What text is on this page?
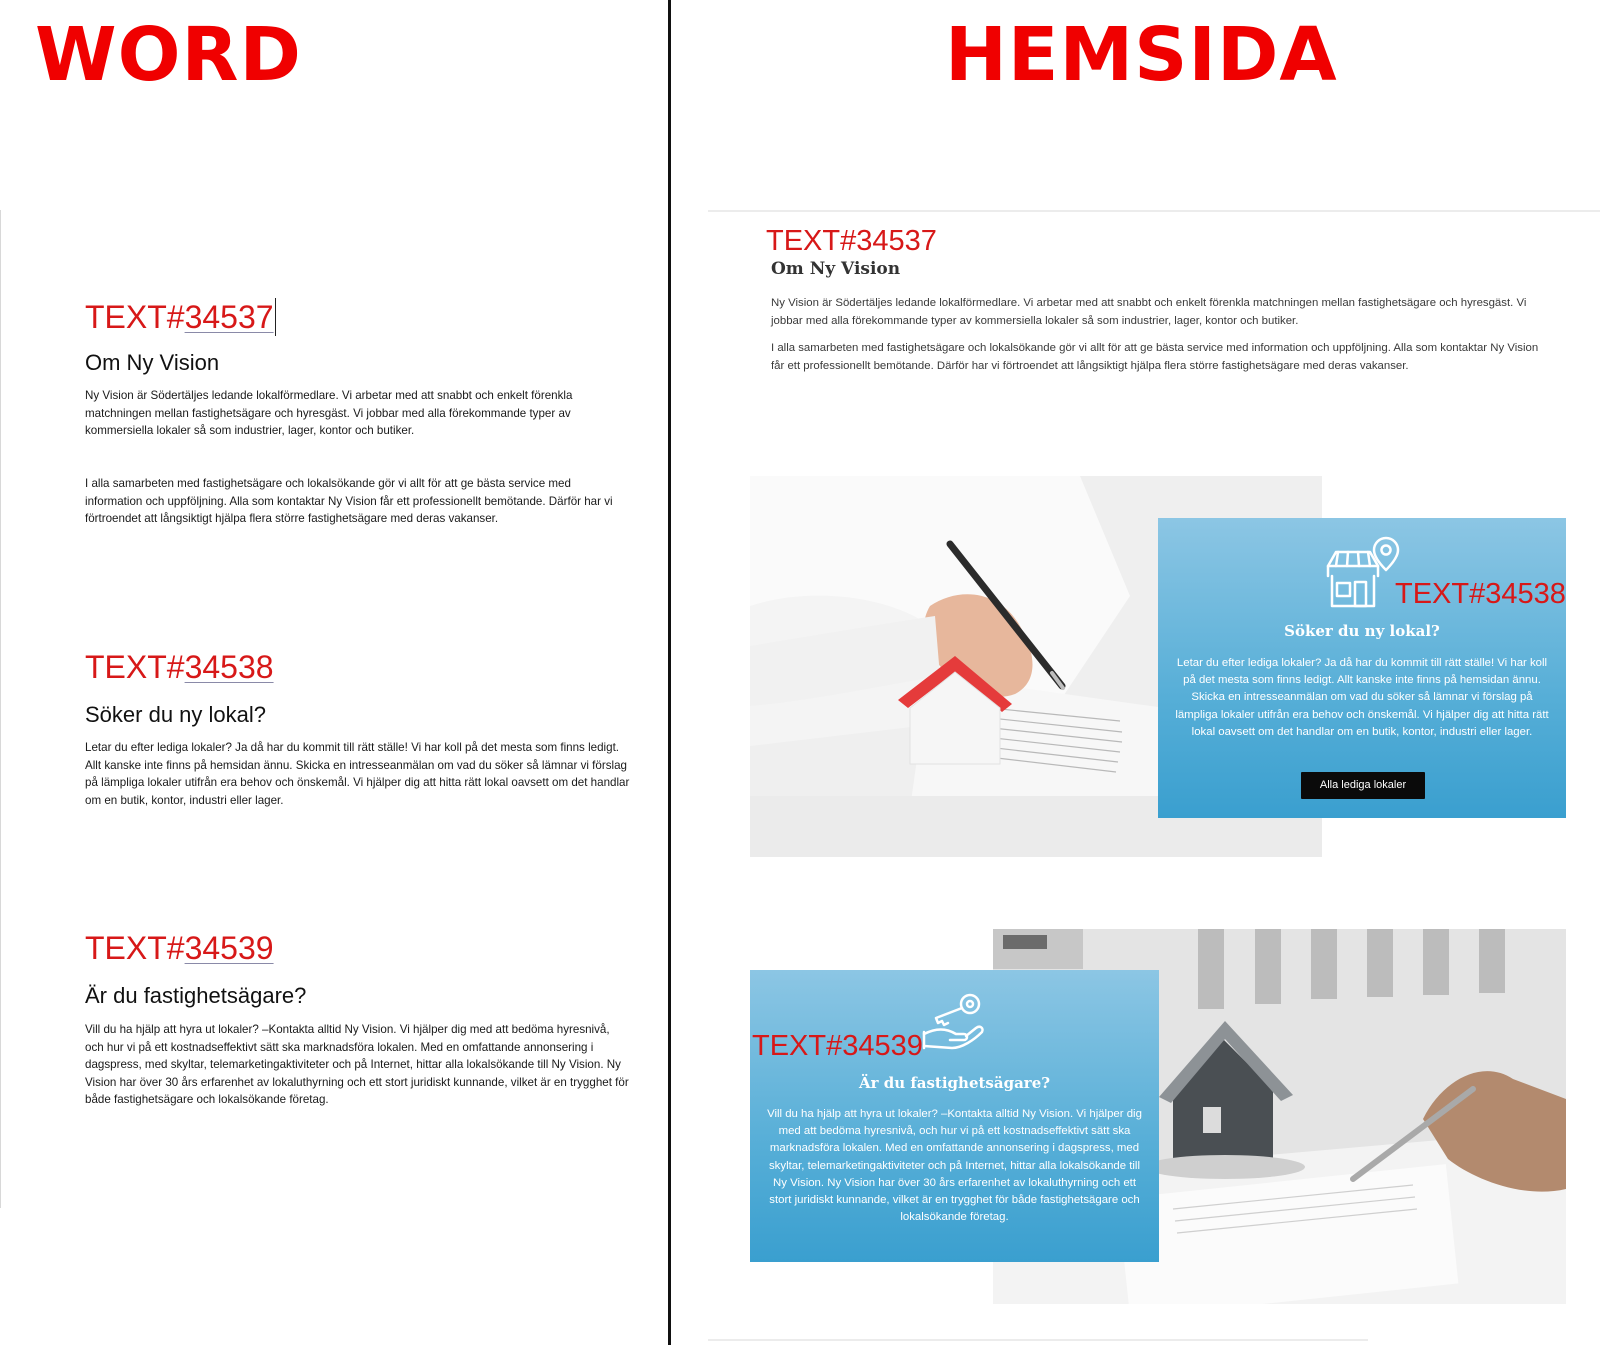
WORD	HEMSIDA
TEXT#34537
Om Ny Vision

Ny Vision är Södertäljes ledande lokalförmedlare. Vi arbetar med att snabbt och enkelt förenkla matchningen mellan fastighetsägare och hyresgäst. Vi jobbar med alla förekommande typer av kommersiella lokaler så som industrier, lager, kontor och butiker.

I alla samarbeten med fastighetsägare och lokalsökande gör vi allt för att ge bästa service med information och uppföljning. Alla som kontaktar Ny Vision får ett professionellt bemötande. Därför har vi förtroendet att långsiktigt hjälpa flera större fastighetsägare med deras vakanser.

TEXT#34538
Söker du ny lokal?

Letar du efter lediga lokaler? Ja då har du kommit till rätt ställe! Vi har koll på det mesta som finns ledigt. Allt kanske inte finns på hemsidan ännu. Skicka en intresseanmälan om vad du söker så lämnar vi förslag på lämpliga lokaler utifrån era behov och önskemål. Vi hjälper dig att hitta rätt lokal oavsett om det handlar om en butik, kontor, industri eller lager.

TEXT#34539
Är du fastighetsägare?

Vill du ha hjälp att hyra ut lokaler? –Kontakta alltid Ny Vision. Vi hjälper dig med att bedöma hyresnivå, och hur vi på ett kostnadseffektivt sätt ska marknadsföra lokalen. Med en omfattande annonsering i dagspress, med skyltar, telemarketingaktiviteter och på Internet, hittar alla lokalsökande till Ny Vision. Ny Vision har över 30 års erfarenhet av lokaluthyrning och ett stort juridiskt kunnande, vilket är en trygghet för både fastighetsägare och lokalsökande företag.

TEXT#34537
Om Ny Vision

Ny Vision är Södertäljes ledande lokalförmedlare. Vi arbetar med att snabbt och enkelt förenkla matchningen mellan fastighetsägare och hyresgäst. Vi jobbar med alla förekommande typer av kommersiella lokaler så som industrier, lager, kontor och butiker.

I alla samarbeten med fastighetsägare och lokalsökande gör vi allt för att ge bästa service med information och uppföljning. Alla som kontaktar Ny Vision får ett professionellt bemötande. Därför har vi förtroendet att långsiktigt hjälpa flera större fastighetsägare med deras vakanser.

TEXT#34538
Söker du ny lokal?

Letar du efter lediga lokaler? Ja då har du kommit till rätt ställe! Vi har koll på det mesta som finns ledigt. Allt kanske inte finns på hemsidan ännu. Skicka en intresseanmälan om vad du söker så lämnar vi förslag på lämpliga lokaler utifrån era behov och önskemål. Vi hjälper dig att hitta rätt lokal oavsett om det handlar om en butik, kontor, industri eller lager.

Alla lediga lokaler
TEXT#34539
Är du fastighetsägare?

Vill du ha hjälp att hyra ut lokaler? –Kontakta alltid Ny Vision. Vi hjälper dig med att bedöma hyresnivå, och hur vi på ett kostnadseffektivt sätt ska marknadsföra lokalen. Med en omfattande annonsering i dagspress, med skyltar, telemarketingaktiviteter och på Internet, hittar alla lokalsökande till Ny Vision. Ny Vision har över 30 års erfarenhet av lokaluthyrning och ett stort juridiskt kunnande, vilket är en trygghet för både fastighetsägare och lokalsökande företag.
